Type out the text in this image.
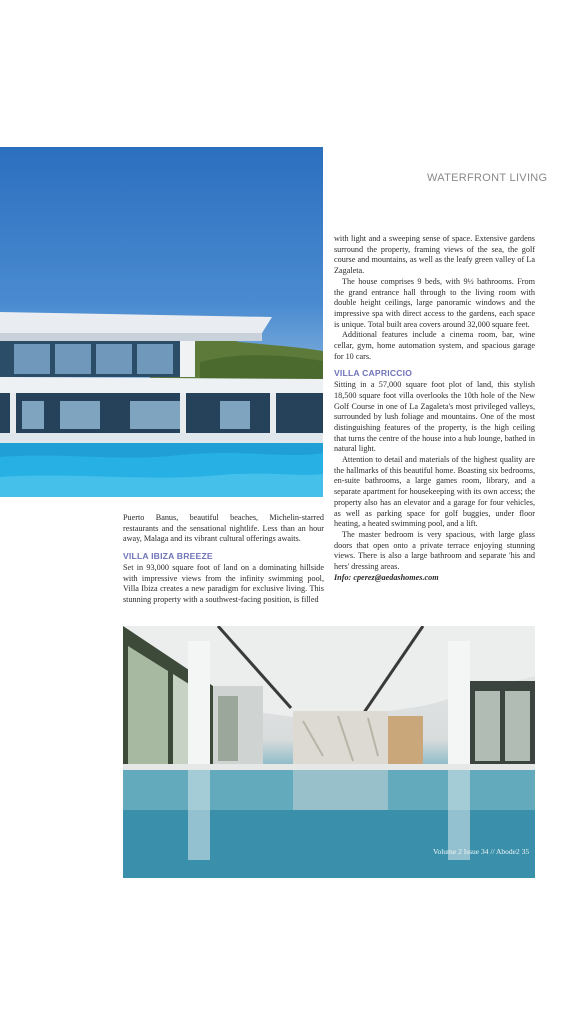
WATERFRONT LIVING

with light and a sweeping sense of space. Extensive gardens surround the property, framing views of the sea, the golf course and mountains, as well as the leafy green valley of La Zagaleta.

The house comprises 9 beds, with 9½ bathrooms. From the grand entrance hall through to the living room with double height ceilings, large panoramic windows and the impressive spa with direct access to the gardens, each space is unique. Total built area covers around 32,000 square feet.

Additional features include a cinema room, bar, wine cellar, gym, home automation system, and spacious garage for 10 cars.

VILLA CAPRICCIO

Sitting in a 57,000 square foot plot of land, this stylish 18,500 square foot villa overlooks the 10th hole of the New Golf Course in one of La Zagaleta's most privileged valleys, surrounded by lush foliage and mountains. One of the most distinguishing features of the property, is the high ceiling that turns the centre of the house into a hub lounge, bathed in natural light.

Attention to detail and materials of the highest quality are the hallmarks of this beautiful home. Boasting six bedrooms, en-suite bathrooms, a large games room, library, and a separate apartment for housekeeping with its own access; the property also has an elevator and a garage for four vehicles, as well as parking space for golf buggies, under floor heating, a heated swimming pool, and a lift.

The master bedroom is very spacious, with large glass doors that open onto a private terrace enjoying stunning views. There is also a large bathroom and separate 'his and hers' dressing areas.

Info: cperez@aedashomes.com

Puerto Banus, beautiful beaches, Michelin-starred restaurants and the sensational nightlife. Less than an hour away, Malaga and its vibrant cultural offerings awaits.

VILLA IBIZA BREEZE

Set in 93,000 square foot of land on a dominating hillside with impressive views from the infinity swimming pool, Villa Ibiza creates a new paradigm for exclusive living. This stunning property with a southwest-facing position, is filled

Volume 2 Issue 34 // Abode2 35
